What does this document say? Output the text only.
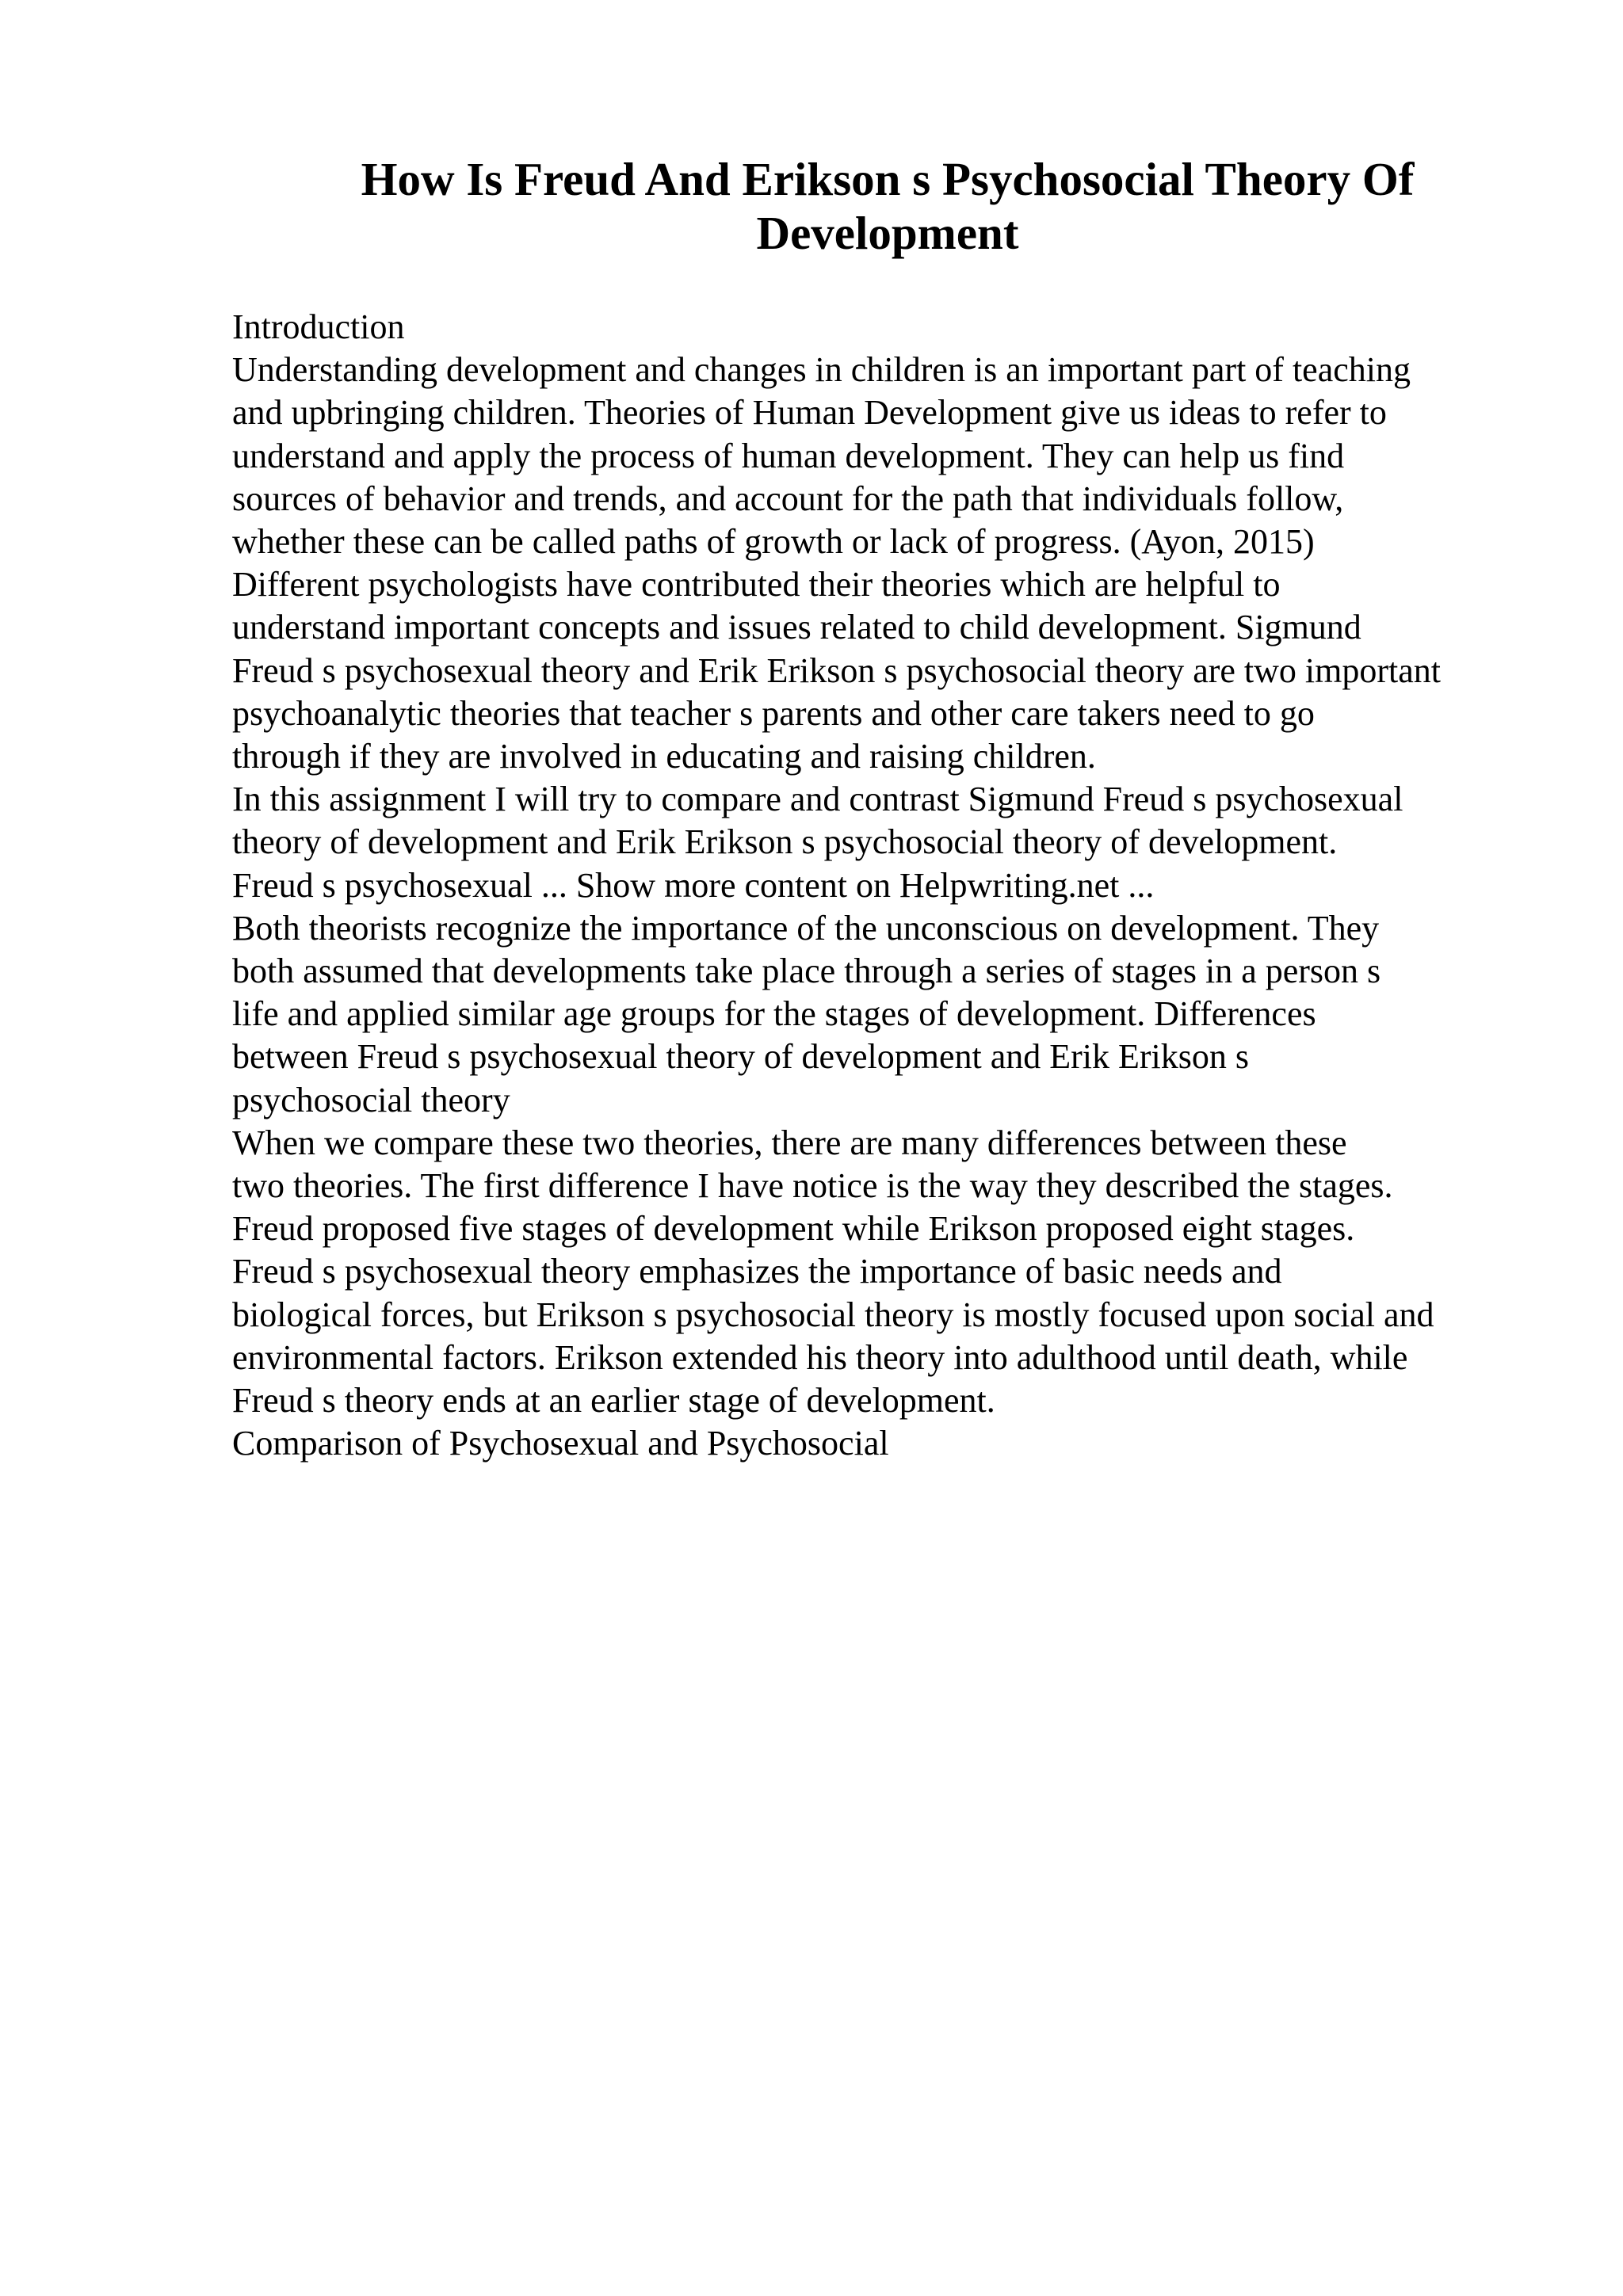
How Is Freud And Erikson s Psychosocial Theory Of
Development
Introduction
Understanding development and changes in children is an important part of teaching
and upbringing children. Theories of Human Development give us ideas to refer to
understand and apply the process of human development. They can help us find
sources of behavior and trends, and account for the path that individuals follow,
whether these can be called paths of growth or lack of progress. (Ayon, 2015)
Different psychologists have contributed their theories which are helpful to
understand important concepts and issues related to child development. Sigmund
Freud s psychosexual theory and Erik Erikson s psychosocial theory are two important
psychoanalytic theories that teacher s parents and other care takers need to go
through if they are involved in educating and raising children.
In this assignment I will try to compare and contrast Sigmund Freud s psychosexual
theory of development and Erik Erikson s psychosocial theory of development.
Freud s psychosexual ... Show more content on Helpwriting.net ...
Both theorists recognize the importance of the unconscious on development. They
both assumed that developments take place through a series of stages in a person s
life and applied similar age groups for the stages of development. Differences
between Freud s psychosexual theory of development and Erik Erikson s
psychosocial theory
When we compare these two theories, there are many differences between these
two theories. The first difference I have notice is the way they described the stages.
Freud proposed five stages of development while Erikson proposed eight stages.
Freud s psychosexual theory emphasizes the importance of basic needs and
biological forces, but Erikson s psychosocial theory is mostly focused upon social and
environmental factors. Erikson extended his theory into adulthood until death, while
Freud s theory ends at an earlier stage of development.
Comparison of Psychosexual and Psychosocial
